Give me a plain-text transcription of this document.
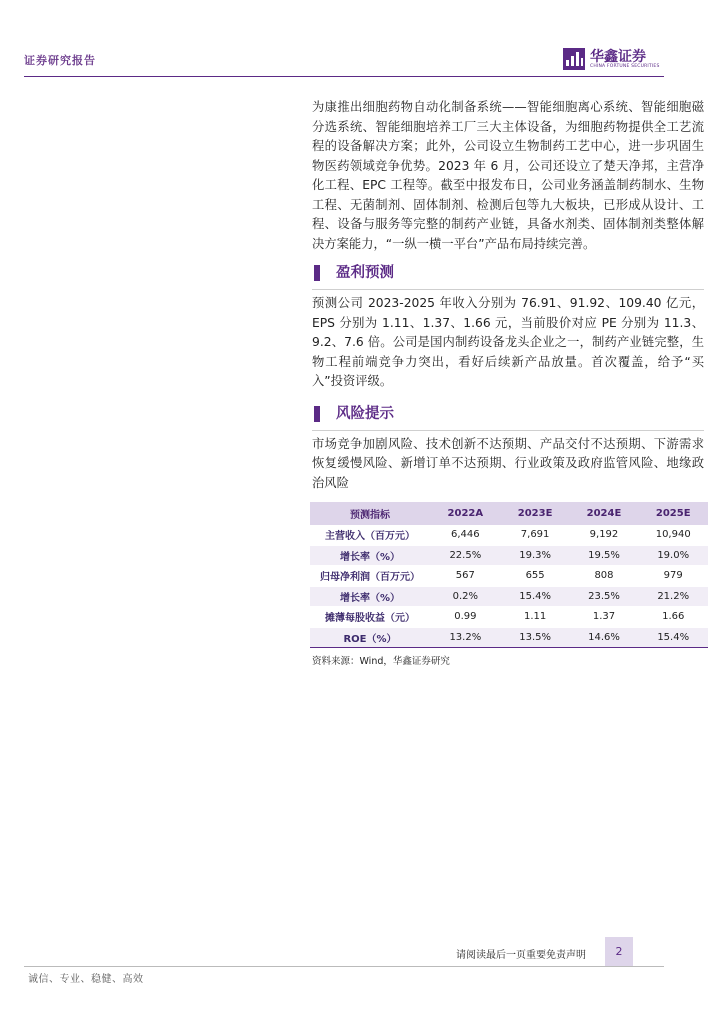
证券研究报告	华鑫证券
CHINA FORTUNE SECURITIES

为康推出细胞药物自动化制备系统——智能细胞离心系统、智能细胞磁分选系统、智能细胞培养工厂三大主体设备，为细胞药物提供全工艺流程的设备解决方案；此外，公司设立生物制药工艺中心，进一步巩固生物医药领域竞争优势。2023 年 6 月，公司还设立了楚天净邦，主营净化工程、EPC 工程等。截至中报发布日，公司业务涵盖制药制水、生物工程、无菌制剂、固体制剂、检测后包等九大板块，已形成从设计、工程、设备与服务等完整的制药产业链，具备水剂类、固体制剂类整体解决方案能力，“一纵一横一平台”产品布局持续完善。

盈利预测

预测公司 2023-2025 年收入分别为 76.91、91.92、109.40 亿元，EPS 分别为 1.11、1.37、1.66 元，当前股价对应 PE 分别为 11.3、9.2、7.6 倍。公司是国内制药设备龙头企业之一，制药产业链完整，生物工程前端竞争力突出，看好后续新产品放量。首次覆盖，给予“买入”投资评级。

风险提示

市场竞争加剧风险、技术创新不达预期、产品交付不达预期、下游需求恢复缓慢风险、新增订单不达预期、行业政策及政府监管风险、地缘政治风险

预测指标	2022A	2023E	2024E	2025E
主营收入（百万元）	6,446	7,691	9,192	10,940
增长率（%）	22.5%	19.3%	19.5%	19.0%
归母净利润（百万元）	567	655	808	979
增长率（%）	0.2%	15.4%	23.5%	21.2%
摊薄每股收益（元）	0.99	1.11	1.37	1.66
ROE（%）	13.2%	13.5%	14.6%	15.4%
资料来源：Wind，华鑫证券研究
请阅读最后一页重要免责声明	2
诚信、专业、稳健、高效
